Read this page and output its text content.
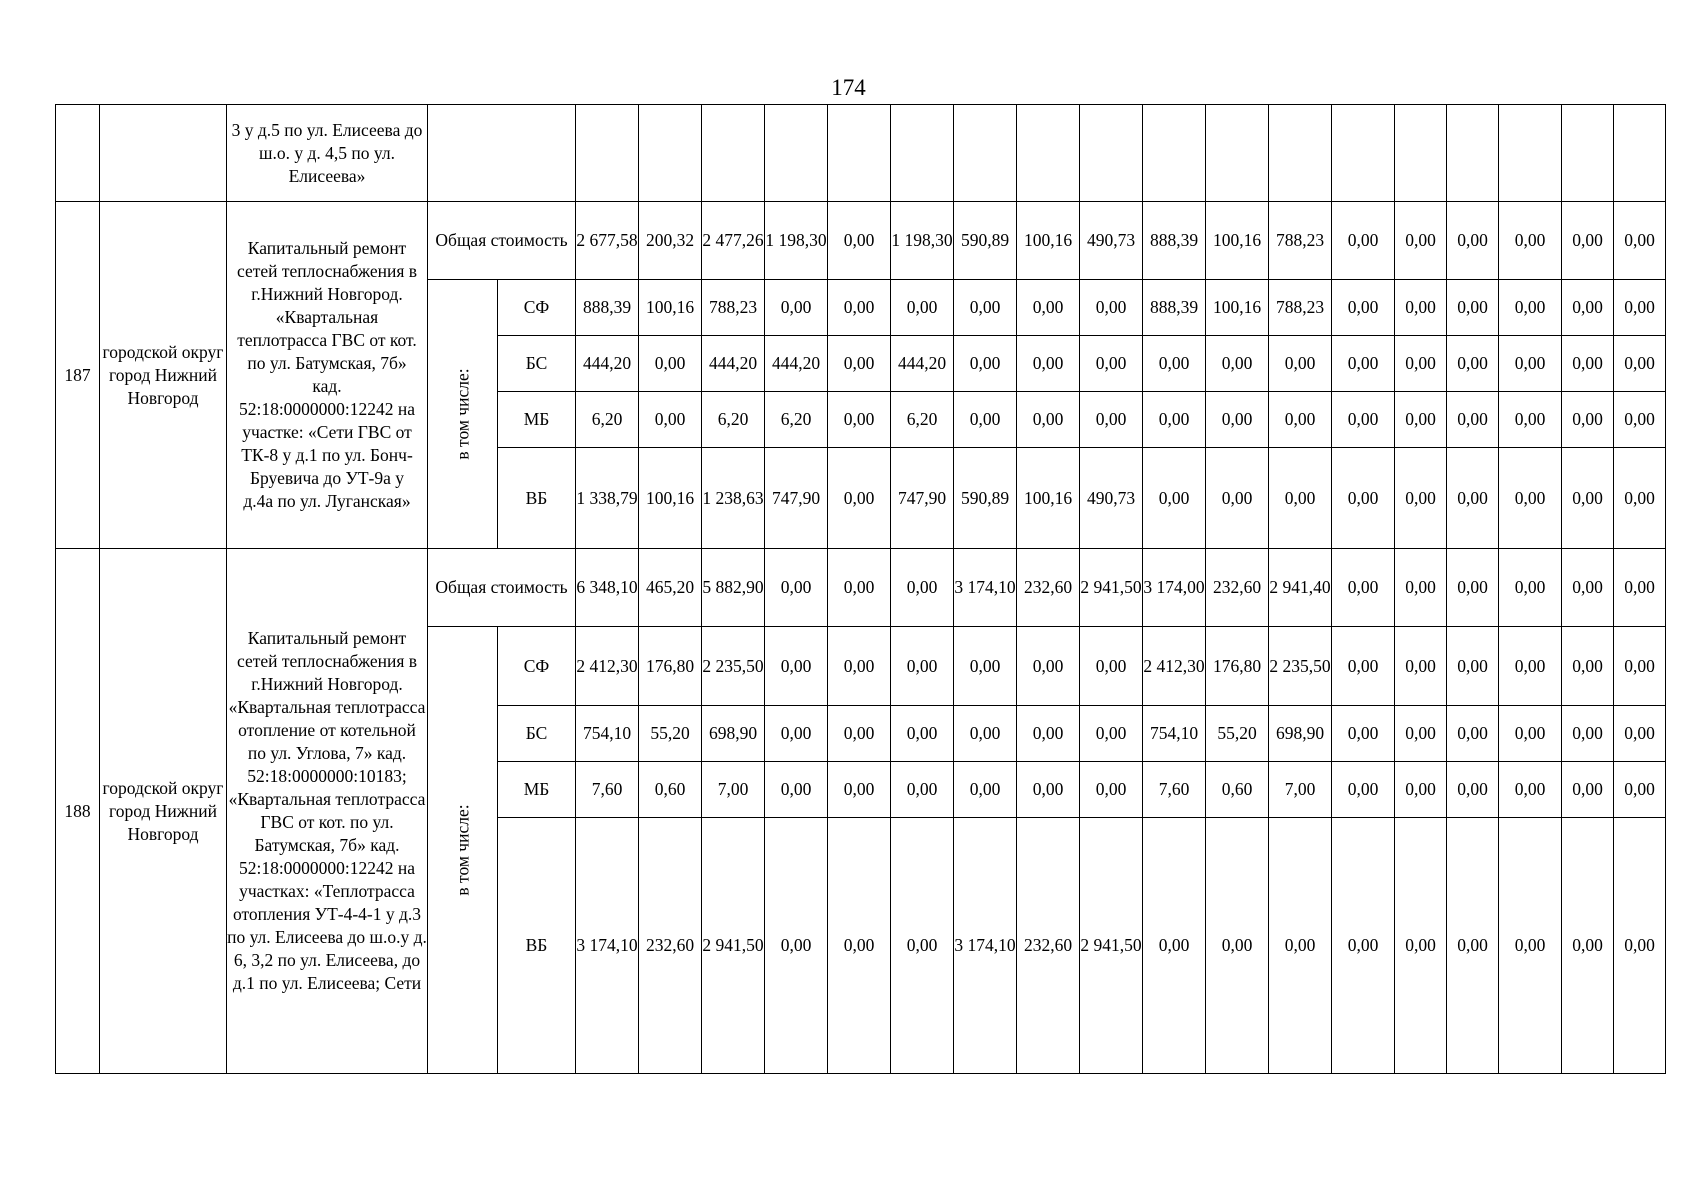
174
		3 у д.5 по ул. Елисеева до ш.о. у д. 4,5 по ул. Елисеева»																				
187	городской округ город Нижний Новгород	Капитальный ремонт сетей теплоснабжения в г.Нижний Новгород. «Квартальная теплотрасса ГВС от кот. по ул. Батумская, 7б» кад. 52:18:0000000:12242 на участке: «Сети ГВС от ТК-8 у д.1 по ул. Бонч-Бруевича до УТ-9а у д.4а по ул. Луганская»	Общая стоимость		2 677,58	200,32	2 477,26	1 198,30	0,00	1 198,30	590,89	100,16	490,73	888,39	100,16	788,23	0,00	0,00	0,00	0,00	0,00	0,00

			в том числе:	СФ	888,39	100,16	788,23	0,00	0,00	0,00	0,00	0,00	0,00	888,39	100,16	788,23	0,00	0,00	0,00	0,00	0,00	0,00
				БС	444,20	0,00	444,20	444,20	0,00	444,20	0,00	0,00	0,00	0,00	0,00	0,00	0,00	0,00	0,00	0,00	0,00	0,00
				МБ	6,20	0,00	6,20	6,20	0,00	6,20	0,00	0,00	0,00	0,00	0,00	0,00	0,00	0,00	0,00	0,00	0,00	0,00
				ВБ	1 338,79	100,16	1 238,63	747,90	0,00	747,90	590,89	100,16	490,73	0,00	0,00	0,00	0,00	0,00	0,00	0,00	0,00	0,00
188	городской округ город Нижний Новгород	Капитальный ремонт сетей теплоснабжения в г.Нижний Новгород. «Квартальная теплотрасса отопление от котельной по ул. Углова, 7» кад. 52:18:0000000:10183; «Квартальная теплотрасса ГВС от кот. по ул. Батумская, 7б» кад. 52:18:0000000:12242 на участках: «Теплотрасса отопления УТ-4-4-1 у д.3 по ул. Елисеева до ш.о.у д. 6, 3,2 по ул. Елисеева, до д.1 по ул. Елисеева; Сети	Общая стоимость		6 348,10	465,20	5 882,90	0,00	0,00	0,00	3 174,10	232,60	2 941,50	3 174,00	232,60	2 941,40	0,00	0,00	0,00	0,00	0,00	0,00

			в том числе:	СФ	2 412,30	176,80	2 235,50	0,00	0,00	0,00	0,00	0,00	0,00	2 412,30	176,80	2 235,50	0,00	0,00	0,00	0,00	0,00	0,00
				БС	754,10	55,20	698,90	0,00	0,00	0,00	0,00	0,00	0,00	754,10	55,20	698,90	0,00	0,00	0,00	0,00	0,00	0,00
				МБ	7,60	0,60	7,00	0,00	0,00	0,00	0,00	0,00	0,00	7,60	0,60	7,00	0,00	0,00	0,00	0,00	0,00	0,00
				ВБ	3 174,10	232,60	2 941,50	0,00	0,00	0,00	3 174,10	232,60	2 941,50	0,00	0,00	0,00	0,00	0,00	0,00	0,00	0,00	0,00
